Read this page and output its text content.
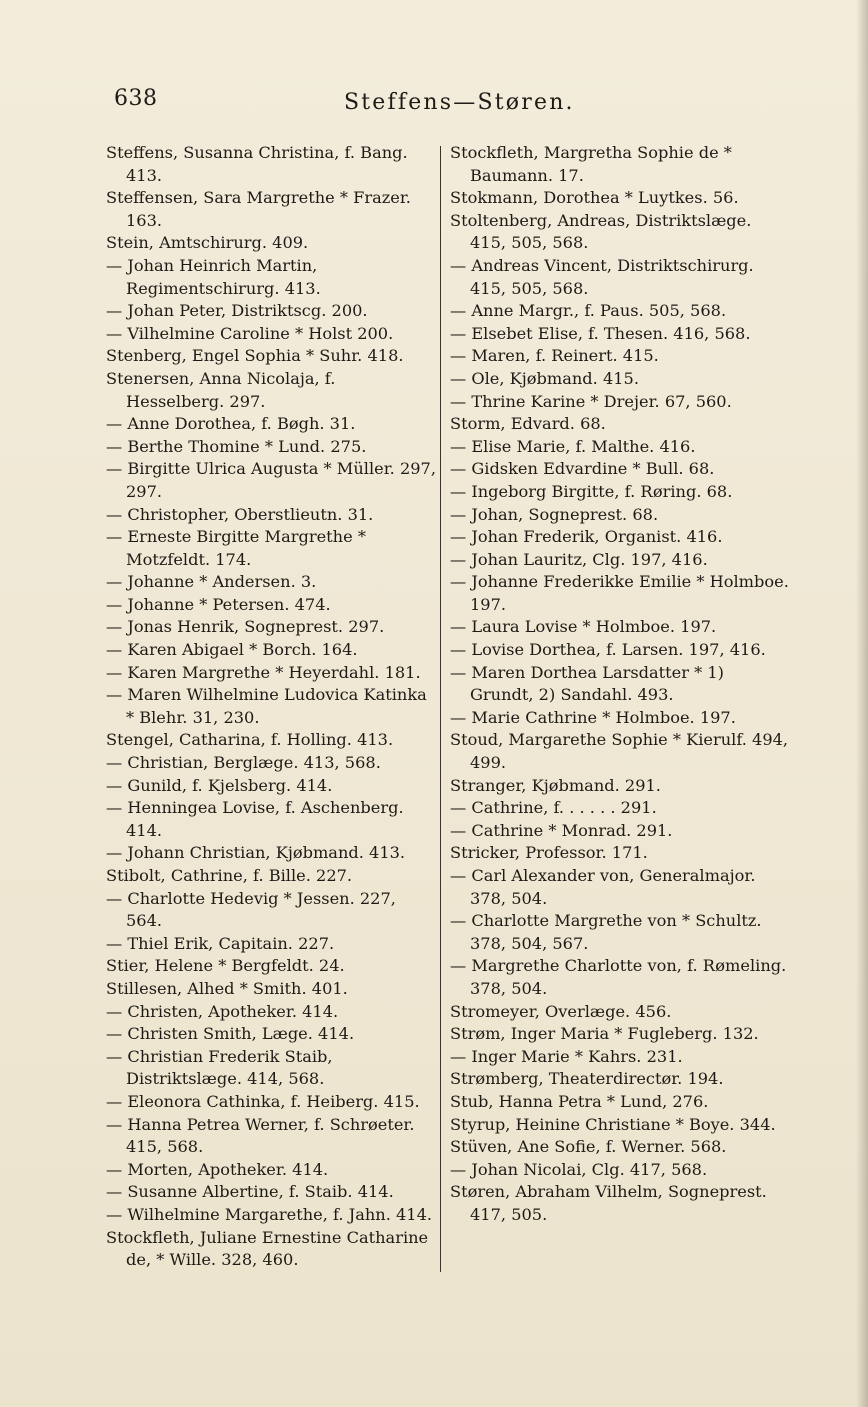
638	Steffens—Støren.

Steffens, Susanna Christina, f. Bang. 413.

Steffensen, Sara Margrethe * Frazer. 163.

Stein, Amtschirurg. 409.

— Johan Heinrich Martin, Regimentschirurg. 413.

— Johan Peter, Distriktscg. 200.

— Vilhelmine Caroline * Holst 200.

Stenberg, Engel Sophia * Suhr. 418.

Stenersen, Anna Nicolaja, f. Hesselberg. 297.

— Anne Dorothea, f. Bøgh. 31.

— Berthe Thomine * Lund. 275.

— Birgitte Ulrica Augusta * Müller. 297, 297.

— Christopher, Oberstlieutn. 31.

— Erneste Birgitte Margrethe * Motzfeldt. 174.

— Johanne * Andersen. 3.

— Johanne * Petersen. 474.

— Jonas Henrik, Sogneprest. 297.

— Karen Abigael * Borch. 164.

— Karen Margrethe * Heyerdahl. 181.

— Maren Wilhelmine Ludovica Katinka * Blehr. 31, 230.

Stengel, Catharina, f. Holling. 413.

— Christian, Berglæge. 413, 568.

— Gunild, f. Kjelsberg. 414.

— Henningea Lovise, f. Aschenberg. 414.

— Johann Christian, Kjøbmand. 413.

Stibolt, Cathrine, f. Bille. 227.

— Charlotte Hedevig * Jessen. 227, 564.

— Thiel Erik, Capitain. 227.

Stier, Helene * Bergfeldt. 24.

Stillesen, Alhed * Smith. 401.

— Christen, Apotheker. 414.

— Christen Smith, Læge. 414.

— Christian Frederik Staib, Distriktslæge. 414, 568.

— Eleonora Cathinka, f. Heiberg. 415.

— Hanna Petrea Werner, f. Schrøeter. 415, 568.

— Morten, Apotheker. 414.

— Susanne Albertine, f. Staib. 414.

— Wilhelmine Margarethe, f. Jahn. 414.

Stockfleth, Juliane Ernestine Catharine de, * Wille. 328, 460.

Stockfleth, Margretha Sophie de * Baumann. 17.

Stokmann, Dorothea * Luytkes. 56.

Stoltenberg, Andreas, Distriktslæge. 415, 505, 568.

— Andreas Vincent, Distriktschirurg. 415, 505, 568.

— Anne Margr., f. Paus. 505, 568.

— Elsebet Elise, f. Thesen. 416, 568.

— Maren, f. Reinert. 415.

— Ole, Kjøbmand. 415.

— Thrine Karine * Drejer. 67, 560.

Storm, Edvard. 68.

— Elise Marie, f. Malthe. 416.

— Gidsken Edvardine * Bull. 68.

— Ingeborg Birgitte, f. Røring. 68.

— Johan, Sogneprest. 68.

— Johan Frederik, Organist. 416.

— Johan Lauritz, Clg. 197, 416.

— Johanne Frederikke Emilie * Holmboe. 197.

— Laura Lovise * Holmboe. 197.

— Lovise Dorthea, f. Larsen. 197, 416.

— Maren Dorthea Larsdatter * 1) Grundt, 2) Sandahl. 493.

— Marie Cathrine * Holmboe. 197.

Stoud, Margarethe Sophie * Kierulf. 494, 499.

Stranger, Kjøbmand. 291.

— Cathrine, f. . . . . . 291.

— Cathrine * Monrad. 291.

Stricker, Professor. 171.

— Carl Alexander von, Generalmajor. 378, 504.

— Charlotte Margrethe von * Schultz. 378, 504, 567.

— Margrethe Charlotte von, f. Rømeling. 378, 504.

Stromeyer, Overlæge. 456.

Strøm, Inger Maria * Fugleberg. 132.

— Inger Marie * Kahrs. 231.

Strømberg, Theaterdirectør. 194.

Stub, Hanna Petra * Lund, 276.

Styrup, Heinine Christiane * Boye. 344.

Stüven, Ane Sofie, f. Werner. 568.

— Johan Nicolai, Clg. 417, 568.

Støren, Abraham Vilhelm, Sogneprest. 417, 505.
